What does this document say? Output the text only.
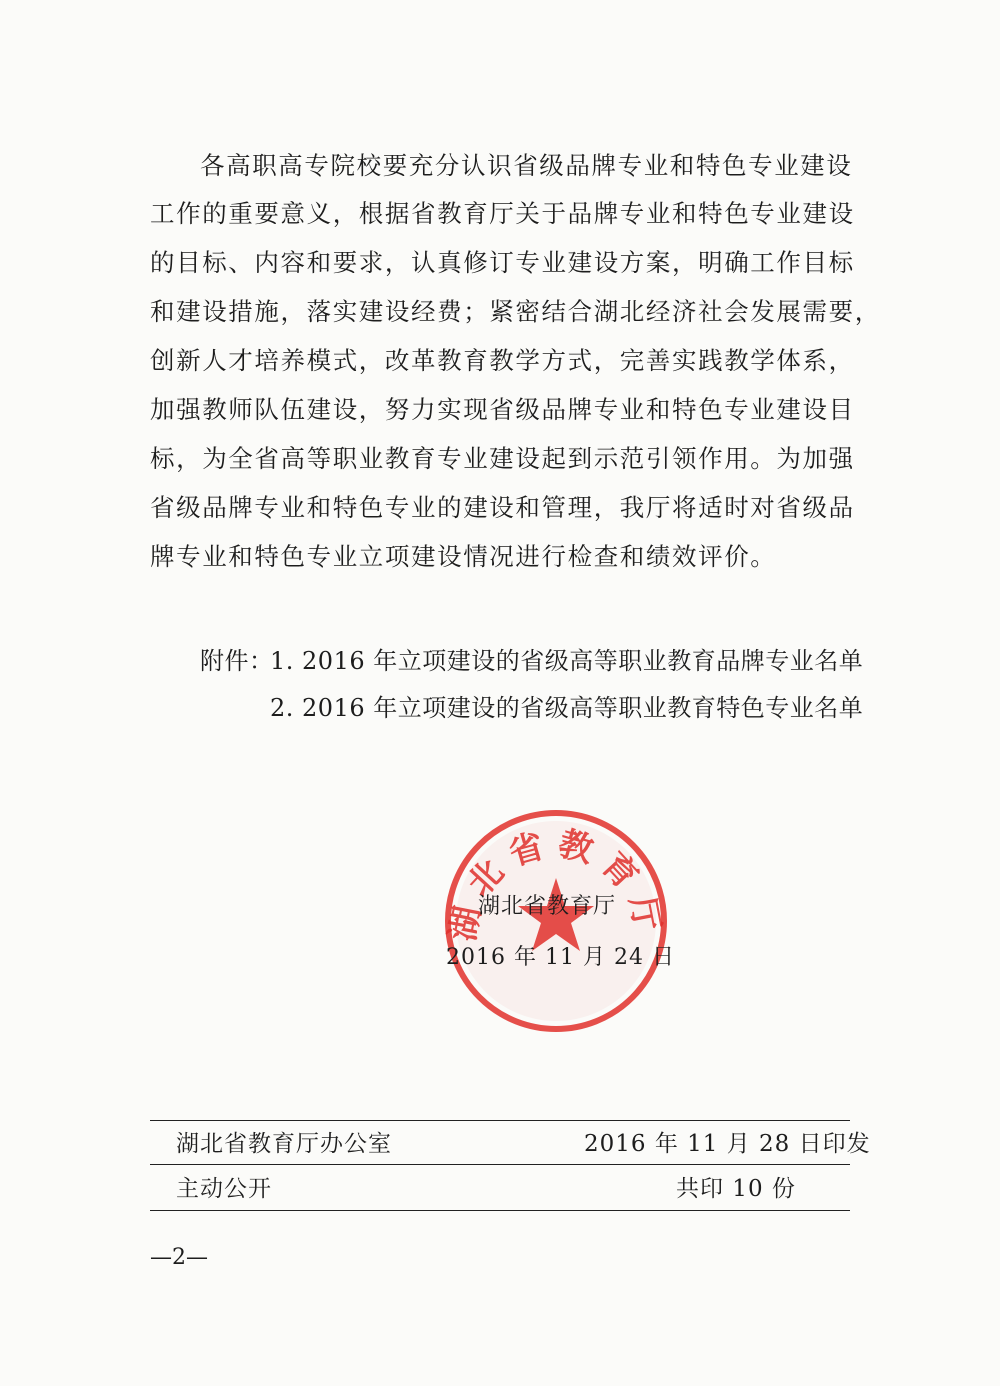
各高职高专院校要充分认识省级品牌专业和特色专业建设
工作的重要意义，根据省教育厅关于品牌专业和特色专业建设
的目标、内容和要求，认真修订专业建设方案，明确工作目标
和建设措施，落实建设经费；紧密结合湖北经济社会发展需要，
创新人才培养模式，改革教育教学方式，完善实践教学体系，
加强教师队伍建设，努力实现省级品牌专业和特色专业建设目
标，为全省高等职业教育专业建设起到示范引领作用。为加强
省级品牌专业和特色专业的建设和管理，我厅将适时对省级品
牌专业和特色专业立项建设情况进行检查和绩效评价。
附件：
1. 2016 年立项建设的省级高等职业教育品牌专业名单
2. 2016 年立项建设的省级高等职业教育特色专业名单
湖北省教育厅
湖北省教育厅
2016 年 11 月 24 日
湖北省教育厅办公室	2016 年 11 月 28 日印发
主动公开	共印 10 份
—2—
